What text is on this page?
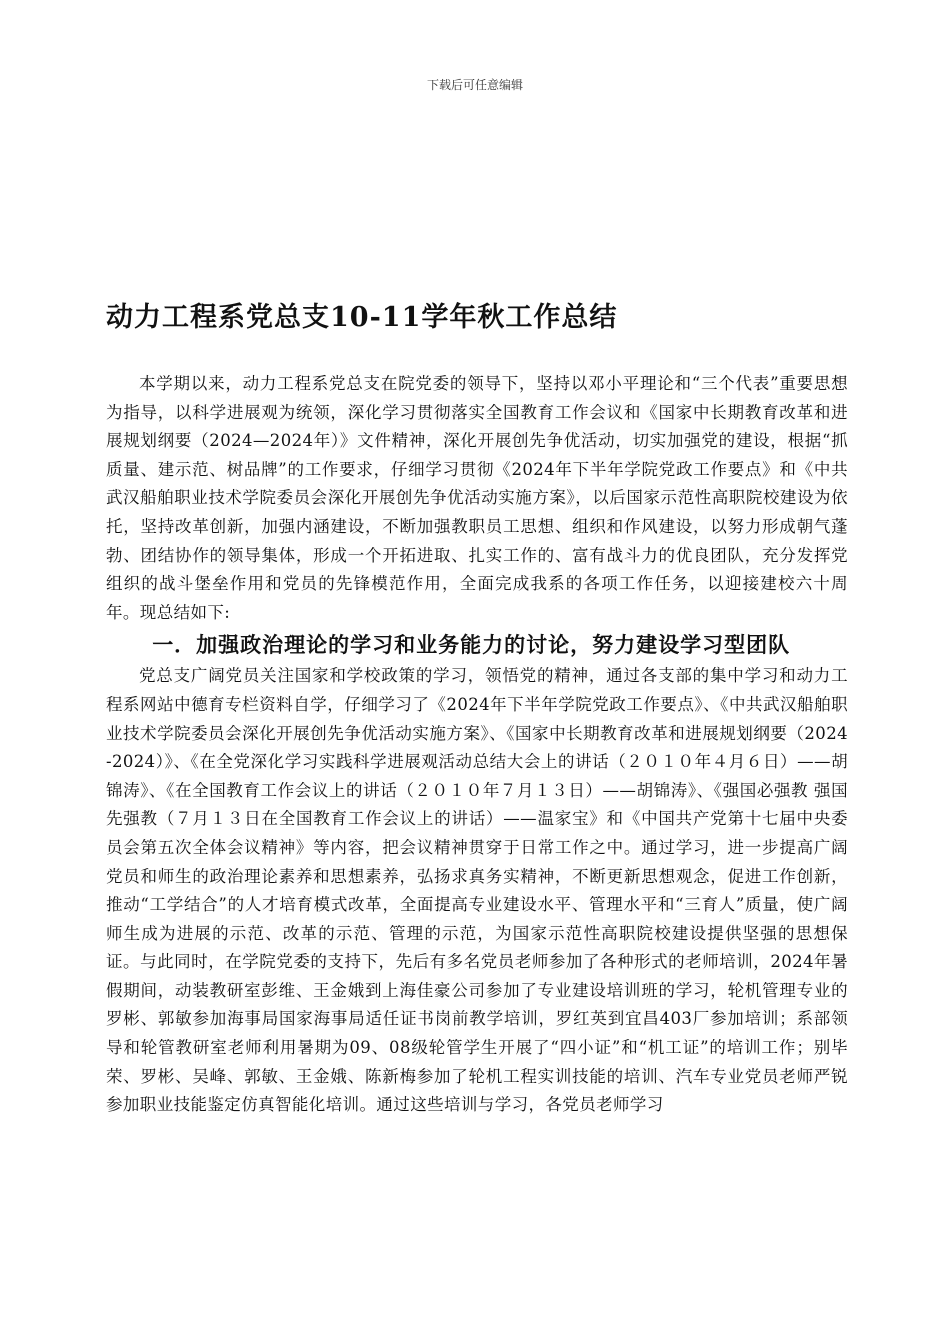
下载后可任意编辑
动力工程系党总支10-11学年秋工作总结

本学期以来，动力工程系党总支在院党委的领导下，坚持以邓小平理论和“三个代表”重要思想为指导，以科学进展观为统领，深化学习贯彻落实全国教育工作会议和《国家中长期教育改革和进展规划纲要（2024—2024年）》文件精神，深化开展创先争优活动，切实加强党的建设，根据“抓质量、建示范、树品牌”的工作要求，仔细学习贯彻《2024年下半年学院党政工作要点》和《中共武汉船舶职业技术学院委员会深化开展创先争优活动实施方案》，以后国家示范性高职院校建设为依托，坚持改革创新，加强内涵建设，不断加强教职员工思想、组织和作风建设，以努力形成朝气蓬勃、团结协作的领导集体，形成一个开拓进取、扎实工作的、富有战斗力的优良团队，充分发挥党组织的战斗堡垒作用和党员的先锋模范作用，全面完成我系的各项工作任务，以迎接建校六十周年。现总结如下:

一．加强政治理论的学习和业务能力的讨论，努力建设学习型团队

党总支广阔党员关注国家和学校政策的学习，领悟党的精神，通过各支部的集中学习和动力工程系网站中德育专栏资料自学，仔细学习了《2024年下半年学院党政工作要点》、《中共武汉船舶职业技术学院委员会深化开展创先争优活动实施方案》、《国家中长期教育改革和进展规划纲要（2024-2024）》、《在全党深化学习实践科学进展观活动总结大会上的讲话（２０１０年４月６日）——胡锦涛》、《在全国教育工作会议上的讲话（２０１０年７月１３日）——胡锦涛》、《强国必强教 强国先强教（７月１３日在全国教育工作会议上的讲话）——温家宝》和《中国共产党第十七届中央委员会第五次全体会议精神》等内容，把会议精神贯穿于日常工作之中。通过学习，进一步提高广阔党员和师生的政治理论素养和思想素养，弘扬求真务实精神，不断更新思想观念，促进工作创新，推动“工学结合”的人才培育模式改革，全面提高专业建设水平、管理水平和“三育人”质量，使广阔师生成为进展的示范、改革的示范、管理的示范，为国家示范性高职院校建设提供坚强的思想保证。与此同时，在学院党委的支持下，先后有多名党员老师参加了各种形式的老师培训，2024年暑假期间，动装教研室彭维、王金娥到上海佳豪公司参加了专业建设培训班的学习，轮机管理专业的罗彬、郭敏参加海事局国家海事局适任证书岗前教学培训，罗红英到宜昌403厂参加培训；系部领导和轮管教研室老师利用暑期为09、08级轮管学生开展了“四小证”和“机工证”的培训工作；别毕荣、罗彬、吴峰、郭敏、王金娥、陈新梅参加了轮机工程实训技能的培训、汽车专业党员老师严锐参加职业技能鉴定仿真智能化培训。通过这些培训与学习，各党员老师学习
